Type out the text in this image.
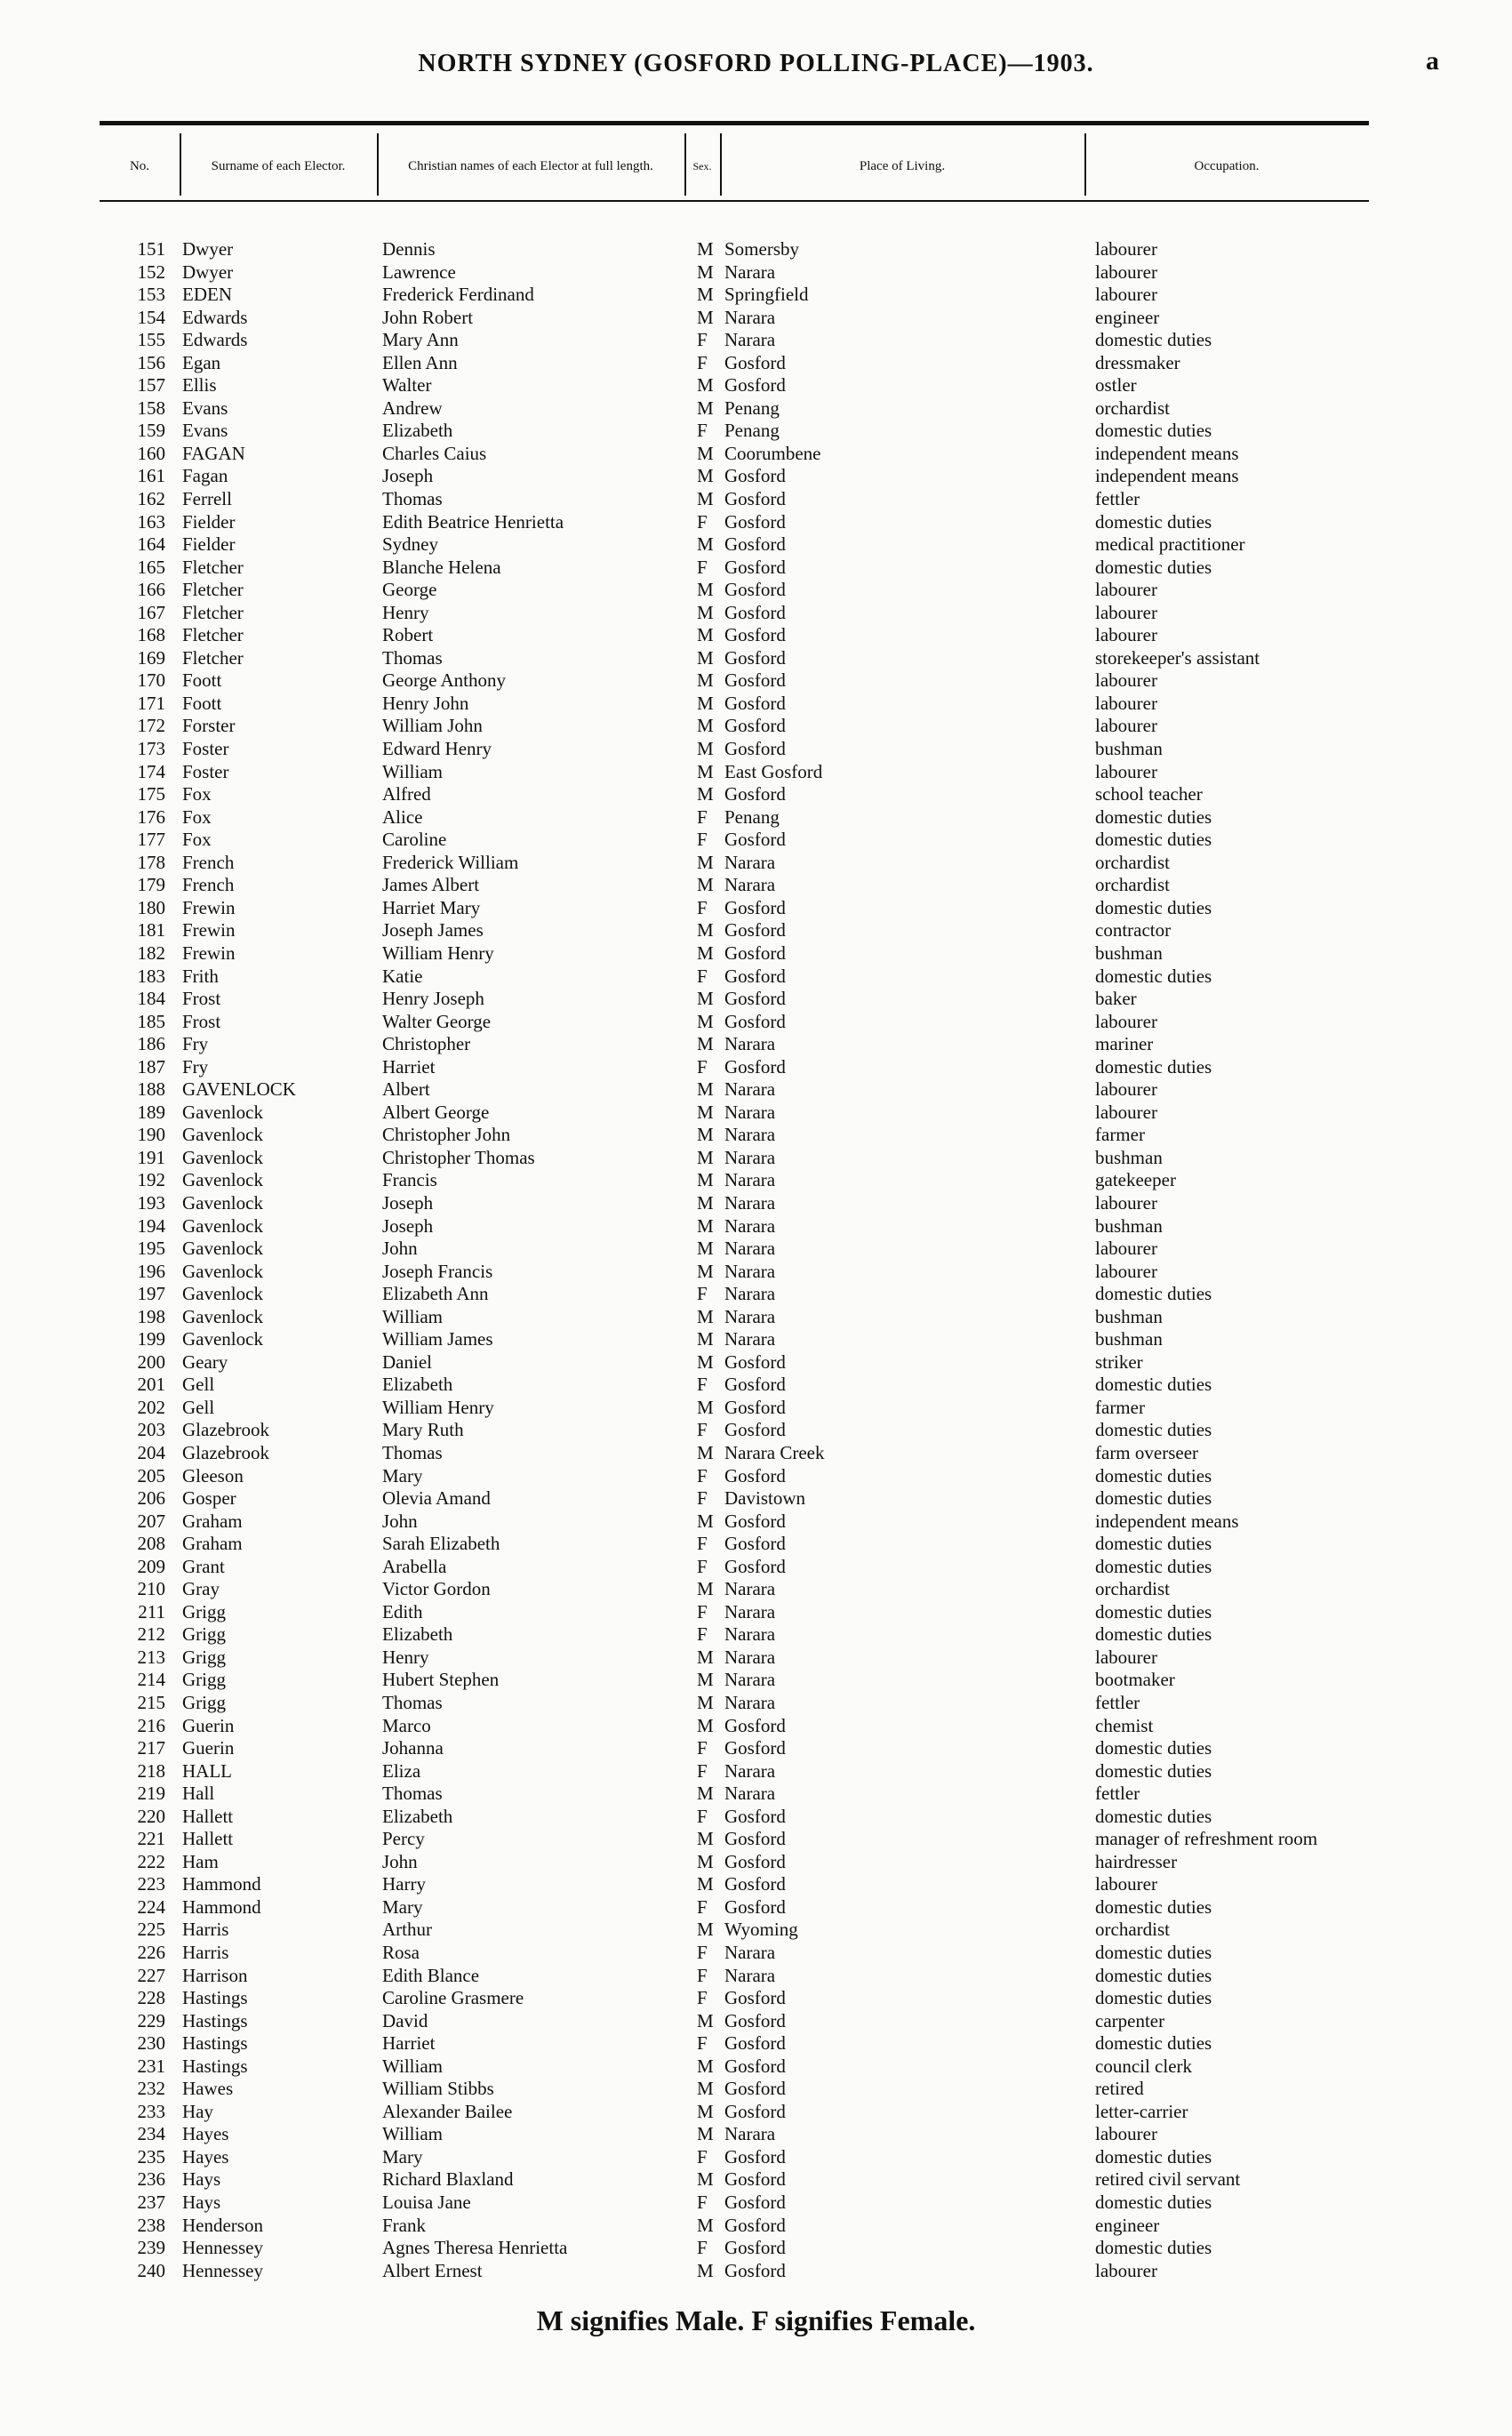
NORTH SYDNEY (GOSFORD POLLING-PLACE)—1903.	a
No.	Surname of each Elector.	Christian names of each Elector at full length.	Sex.	Place of Living.	Occupation.
151 Dwyer	Dennis	M Somersby	labourer
152 Dwyer	Lawrence	M Narara	labourer
153 EDEN	Frederick Ferdinand	M Springfield	labourer
154 Edwards	John Robert	M Narara	engineer
155 Edwards	Mary Ann	F Narara	domestic duties
156 Egan	Ellen Ann	F Gosford	dressmaker
157 Ellis	Walter	M Gosford	ostler
158 Evans	Andrew	M Penang	orchardist
159 Evans	Elizabeth	F Penang	domestic duties
160 FAGAN	Charles Caius	M Coorumbene	independent means
161 Fagan	Joseph	M Gosford	independent means
162 Ferrell	Thomas	M Gosford	fettler
163 Fielder	Edith Beatrice Henrietta	F Gosford	domestic duties
164 Fielder	Sydney	M Gosford	medical practitioner
165 Fletcher	Blanche Helena	F Gosford	domestic duties
166 Fletcher	George	M Gosford	labourer
167 Fletcher	Henry	M Gosford	labourer
168 Fletcher	Robert	M Gosford	labourer
169 Fletcher	Thomas	M Gosford	storekeeper's assistant
170 Foott	George Anthony	M Gosford	labourer
171 Foott	Henry John	M Gosford	labourer
172 Forster	William John	M Gosford	labourer
173 Foster	Edward Henry	M Gosford	bushman
174 Foster	William	M East Gosford	labourer
175 Fox	Alfred	M Gosford	school teacher
176 Fox	Alice	F Penang	domestic duties
177 Fox	Caroline	F Gosford	domestic duties
178 French	Frederick William	M Narara	orchardist
179 French	James Albert	M Narara	orchardist
180 Frewin	Harriet Mary	F Gosford	domestic duties
181 Frewin	Joseph James	M Gosford	contractor
182 Frewin	William Henry	M Gosford	bushman
183 Frith	Katie	F Gosford	domestic duties
184 Frost	Henry Joseph	M Gosford	baker
185 Frost	Walter George	M Gosford	labourer
186 Fry	Christopher	M Narara	mariner
187 Fry	Harriet	F Gosford	domestic duties
188 GAVENLOCK	Albert	M Narara	labourer
189 Gavenlock	Albert George	M Narara	labourer
190 Gavenlock	Christopher John	M Narara	farmer
191 Gavenlock	Christopher Thomas	M Narara	bushman
192 Gavenlock	Francis	M Narara	gatekeeper
193 Gavenlock	Joseph	M Narara	labourer
194 Gavenlock	Joseph	M Narara	bushman
195 Gavenlock	John	M Narara	labourer
196 Gavenlock	Joseph Francis	M Narara	labourer
197 Gavenlock	Elizabeth Ann	F Narara	domestic duties
198 Gavenlock	William	M Narara	bushman
199 Gavenlock	William James	M Narara	bushman
200 Geary	Daniel	M Gosford	striker
201 Gell	Elizabeth	F Gosford	domestic duties
202 Gell	William Henry	M Gosford	farmer
203 Glazebrook	Mary Ruth	F Gosford	domestic duties
204 Glazebrook	Thomas	M Narara Creek	farm overseer
205 Gleeson	Mary	F Gosford	domestic duties
206 Gosper	Olevia Amand	F Davistown	domestic duties
207 Graham	John	M Gosford	independent means
208 Graham	Sarah Elizabeth	F Gosford	domestic duties
209 Grant	Arabella	F Gosford	domestic duties
210 Gray	Victor Gordon	M Narara	orchardist
211 Grigg	Edith	F Narara	domestic duties
212 Grigg	Elizabeth	F Narara	domestic duties
213 Grigg	Henry	M Narara	labourer
214 Grigg	Hubert Stephen	M Narara	bootmaker
215 Grigg	Thomas	M Narara	fettler
216 Guerin	Marco	M Gosford	chemist
217 Guerin	Johanna	F Gosford	domestic duties
218 HALL	Eliza	F Narara	domestic duties
219 Hall	Thomas	M Narara	fettler
220 Hallett	Elizabeth	F Gosford	domestic duties
221 Hallett	Percy	M Gosford	manager of refreshment room
222 Ham	John	M Gosford	hairdresser
223 Hammond	Harry	M Gosford	labourer
224 Hammond	Mary	F Gosford	domestic duties
225 Harris	Arthur	M Wyoming	orchardist
226 Harris	Rosa	F Narara	domestic duties
227 Harrison	Edith Blance	F Narara	domestic duties
228 Hastings	Caroline Grasmere	F Gosford	domestic duties
229 Hastings	David	M Gosford	carpenter
230 Hastings	Harriet	F Gosford	domestic duties
231 Hastings	William	M Gosford	council clerk
232 Hawes	William Stibbs	M Gosford	retired
233 Hay	Alexander Bailee	M Gosford	letter-carrier
234 Hayes	William	M Narara	labourer
235 Hayes	Mary	F Gosford	domestic duties
236 Hays	Richard Blaxland	M Gosford	retired civil servant
237 Hays	Louisa Jane	F Gosford	domestic duties
238 Henderson	Frank	M Gosford	engineer
239 Hennessey	Agnes Theresa Henrietta	F Gosford	domestic duties
240 Hennessey	Albert Ernest	M Gosford	labourer
M signifies Male. F signifies Female.
